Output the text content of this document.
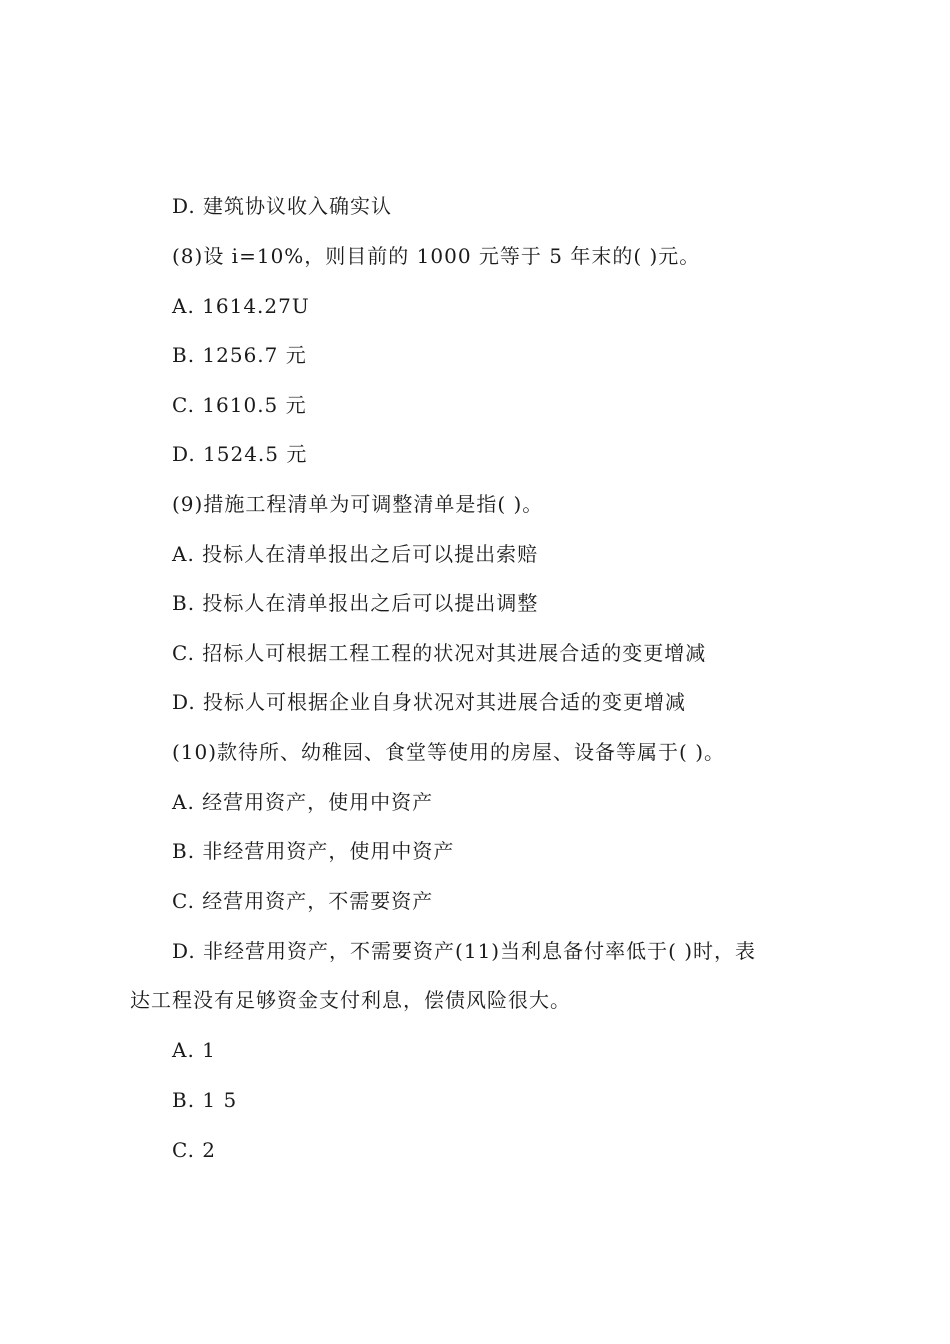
D. 建筑协议收入确实认
(8)设 i=10%，则目前的 1000 元等于 5 年末的( )元。
A. 1614.27U
B. 1256.7 元
C. 1610.5 元
D. 1524.5 元
(9)措施工程清单为可调整清单是指( )。
A. 投标人在清单报出之后可以提出索赔
B. 投标人在清单报出之后可以提出调整
C. 招标人可根据工程工程的状况对其进展合适的变更增减
D. 投标人可根据企业自身状况对其进展合适的变更增减
(10)款待所、幼稚园、食堂等使用的房屋、设备等属于( )。
A. 经营用资产，使用中资产
B. 非经营用资产，使用中资产
C. 经营用资产，不需要资产
D. 非经营用资产，不需要资产(11)当利息备付率低于( )时，表
达工程没有足够资金支付利息，偿债风险很大。
A. 1
B. 1 5
C. 2
